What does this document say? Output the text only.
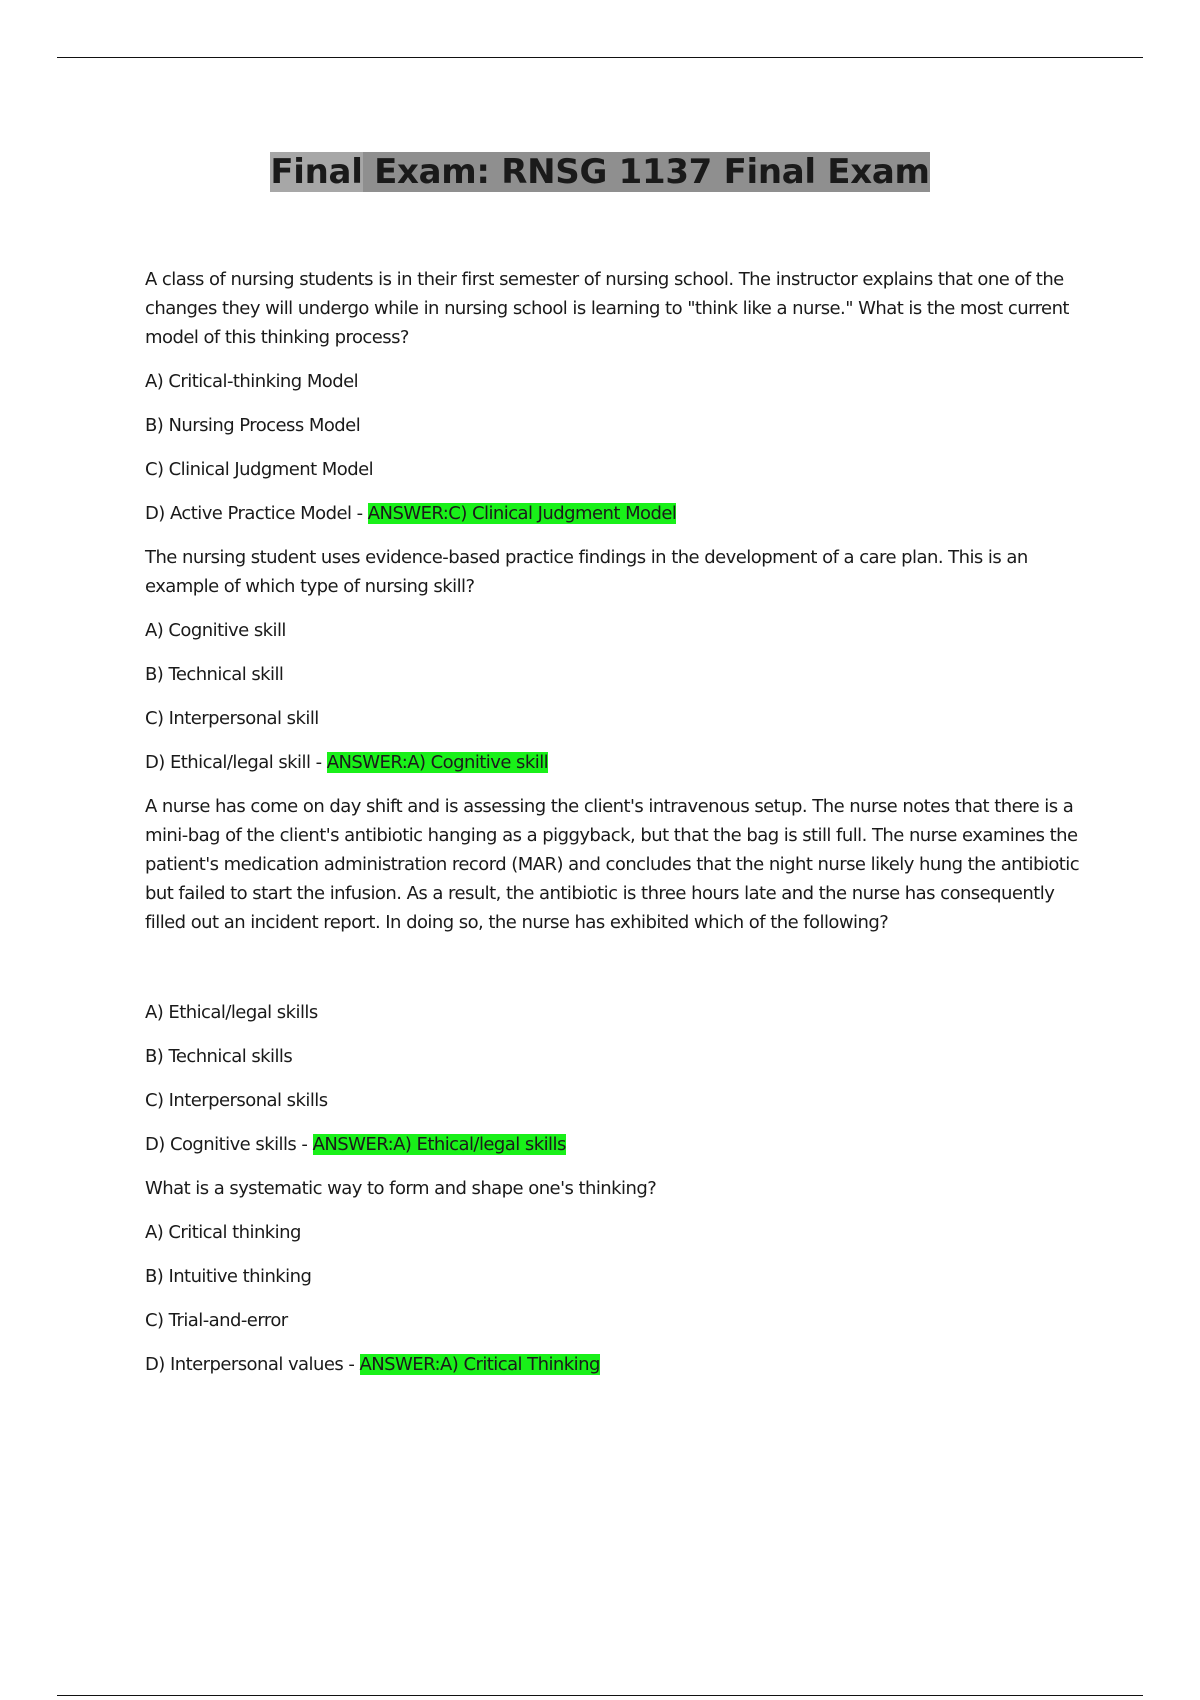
Final Exam: RNSG 1137 Final Exam
A class of nursing students is in their first semester of nursing school. The instructor explains that one of the changes they will undergo while in nursing school is learning to "think like a nurse." What is the most current model of this thinking process?
A) Critical-thinking Model
B) Nursing Process Model
C) Clinical Judgment Model
D) Active Practice Model - ANSWER:C) Clinical Judgment Model
The nursing student uses evidence-based practice findings in the development of a care plan. This is an example of which type of nursing skill?
A) Cognitive skill
B) Technical skill
C) Interpersonal skill
D) Ethical/legal skill - ANSWER:A) Cognitive skill
A nurse has come on day shift and is assessing the client's intravenous setup. The nurse notes that there is a mini-bag of the client's antibiotic hanging as a piggyback, but that the bag is still full. The nurse examines the patient's medication administration record (MAR) and concludes that the night nurse likely hung the antibiotic but failed to start the infusion. As a result, the antibiotic is three hours late and the nurse has consequently filled out an incident report. In doing so, the nurse has exhibited which of the following?
A) Ethical/legal skills
B) Technical skills
C) Interpersonal skills
D) Cognitive skills - ANSWER:A) Ethical/legal skills
What is a systematic way to form and shape one's thinking?
A) Critical thinking
B) Intuitive thinking
C) Trial-and-error
D) Interpersonal values - ANSWER:A) Critical Thinking
